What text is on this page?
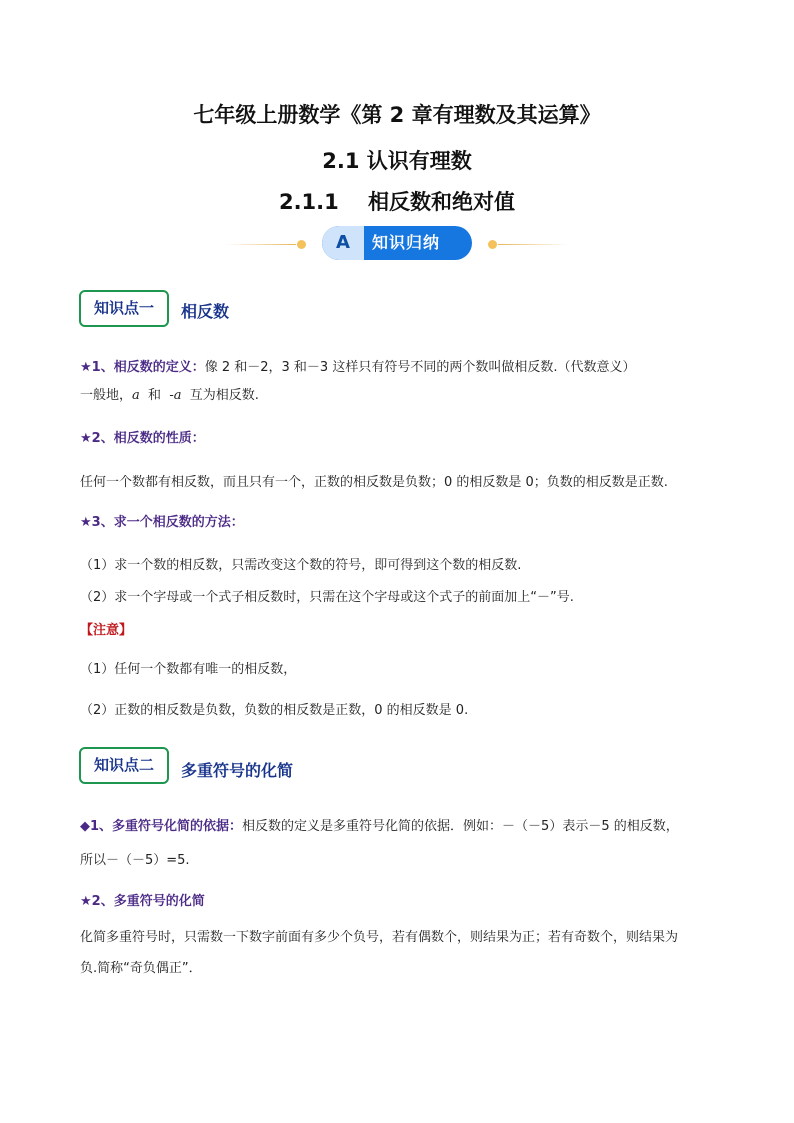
七年级上册数学《第 2 章有理数及其运算》
2.1 认识有理数
2.1.1    相反数和绝对值
A	知识归纳
知识点一	相反数
★1、相反数的定义：像 2 和－2，3 和－3 这样只有符号不同的两个数叫做相反数.（代数意义）
一般地，a  和  -a  互为相反数.
★2、相反数的性质：
任何一个数都有相反数，而且只有一个，正数的相反数是负数；0 的相反数是 0；负数的相反数是正数.
★3、求一个相反数的方法：
（1）求一个数的相反数，只需改变这个数的符号，即可得到这个数的相反数.
（2）求一个字母或一个式子相反数时，只需在这个字母或这个式子的前面加上“－”号.
【注意】
（1）任何一个数都有唯一的相反数，
（2）正数的相反数是负数，负数的相反数是正数，0 的相反数是 0.
知识点二	多重符号的化简
◆1、多重符号化简的依据：相反数的定义是多重符号化简的依据．例如：－（－5）表示－5 的相反数，
所以－（－5）=5.
★2、多重符号的化简
化简多重符号时，只需数一下数字前面有多少个负号，若有偶数个，则结果为正；若有奇数个，则结果为
负.简称“奇负偶正”．
